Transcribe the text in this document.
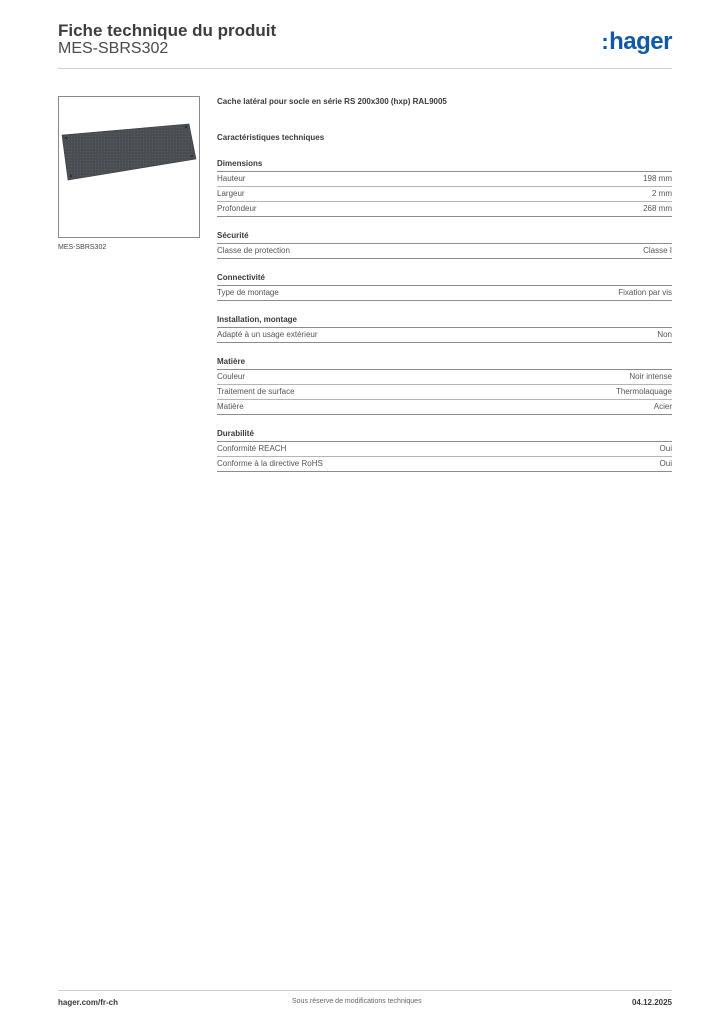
Fiche technique du produit
MES-SBRS302	:hager
MES-SBRS302
Cache latéral pour socle en série RS 200x300 (hxp) RAL9005
Caractéristiques techniques
Dimensions
Hauteur	198 mm
Largeur	2 mm
Profondeur	268 mm
Sécurité
Classe de protection	Classe I
Connectivité
Type de montage	Fixation par vis
Installation, montage
Adapté à un usage extérieur	Non
Matière
Couleur	Noir intense
Traitement de surface	Thermolaquage
Matière	Acier
Durabilité
Conformité REACH	Oui
Conforme à la directive RoHS	Oui
hager.com/fr-ch	Sous réserve de modifications techniques	04.12.2025
